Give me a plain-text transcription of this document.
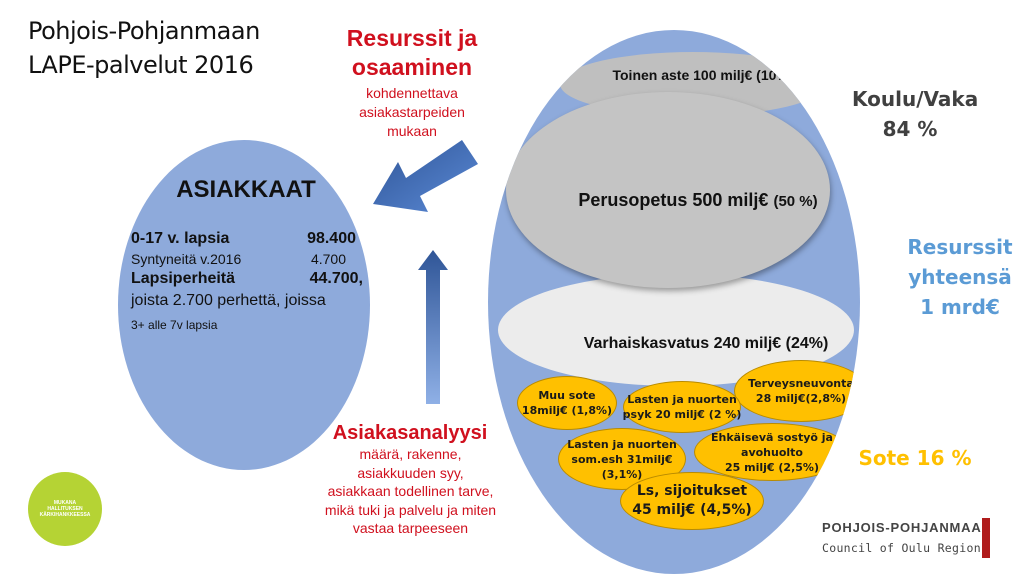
Pohjois-Pohjanmaan
LAPE-palvelut 2016
Resurssit ja
osaaminen
kohdennettava
asiakastarpeiden
mukaan
ASIAKKAAT
0-17 v. lapsia	98.400
Syntyneitä v.2016	4.700
Lapsiperheitä	44.700,
joista 2.700 perhettä, joissa
3+ alle 7v lapsia
Asiakasanalyysi
määrä, rakenne,
asiakkuuden syy,
asiakkaan todellinen tarve,
mikä tuki ja palvelu ja miten
vastaa tarpeeseen
Toinen aste 100 milj€ (10%)
Perusopetus 500 milj€ (50 %)
Varhaiskasvatus 240 milj€ (24%)
Terveysneuvonta
28 milj€(2,8%)
Muu sote
18milj€ (1,8%)
Lasten ja nuorten
psyk 20 milj€ (2 %)
Ehkäisevä sostyö ja
avohuolto
25 milj€ (2,5%)
Lasten ja nuorten
som.esh 31milj€
(3,1%)
Ls, sijoitukset
45 milj€ (4,5%)
Koulu/Vaka
84 %
Resurssit
yhteensä
1 mrd€
Sote 16 %
MUKANA
HALLITUKSEN
KÄRKIHANKKEESSA
POHJOIS-POHJANMAA
Council of Oulu Region
